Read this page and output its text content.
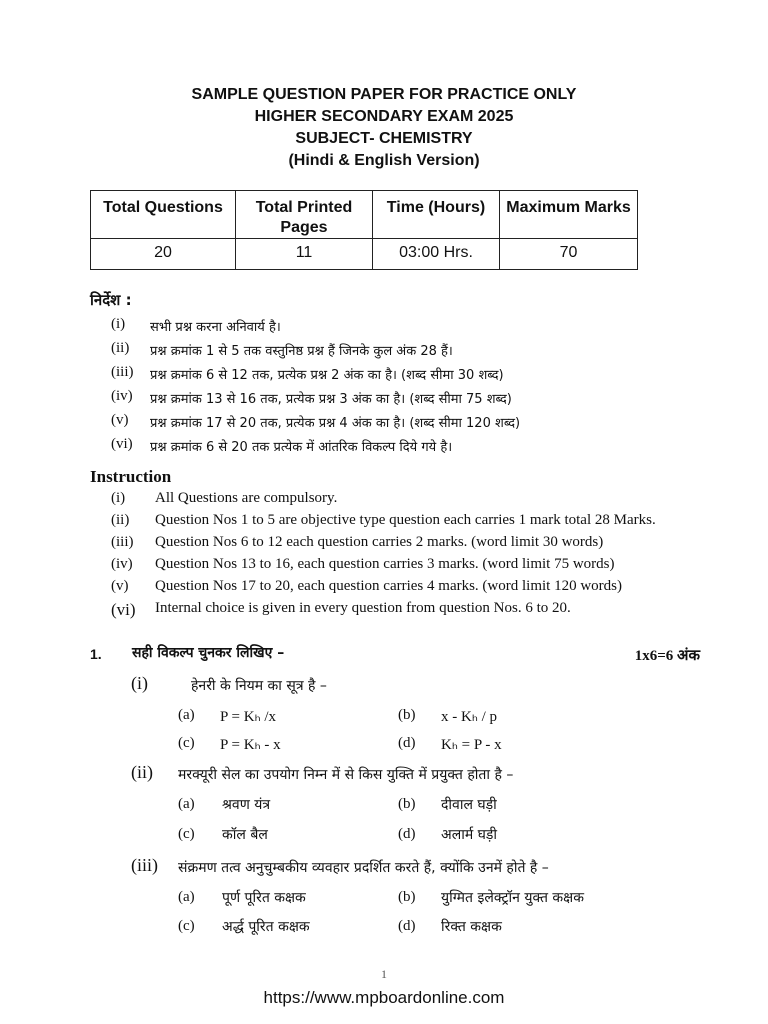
SAMPLE QUESTION PAPER FOR PRACTICE ONLY
HIGHER SECONDARY EXAM 2025
SUBJECT- CHEMISTRY
(Hindi & English Version)
Total Questions	Total Printed Pages	Time (Hours)	Maximum Marks
20	11	03:00 Hrs.	70
निर्देश :
(i) सभी प्रश्न करना अनिवार्य है।
(ii) प्रश्न क्रमांक 1 से 5 तक वस्तुनिष्ठ प्रश्न हैं जिनके कुल अंक 28 हैं।
(iii) प्रश्न क्रमांक 6 से 12 तक, प्रत्येक प्रश्न 2 अंक का है। (शब्द सीमा 30 शब्द)
(iv) प्रश्न क्रमांक 13 से 16 तक, प्रत्येक प्रश्न 3 अंक का है। (शब्द सीमा 75 शब्द)
(v) प्रश्न क्रमांक 17 से 20 तक, प्रत्येक प्रश्न 4 अंक का है। (शब्द सीमा 120 शब्द)
(vi) प्रश्न क्रमांक 6 से 20 तक प्रत्येक में आंतरिक विकल्प दिये गये है।
Instruction
(i) All Questions are compulsory.
(ii) Question Nos 1 to 5 are objective type question each carries 1 mark total 28 Marks.
(iii) Question Nos 6 to 12 each question carries 2 marks. (word limit 30 words)
(iv) Question Nos 13 to 16, each question carries 3 marks. (word limit 75 words)
(v) Question Nos 17 to 20, each question carries 4 marks. (word limit 120 words)
(vi) Internal choice is given in every question from question Nos. 6 to 20.
1. सही विकल्प चुनकर लिखिए –	1x6=6 अंक
(i)	हेनरी के नियम का सूत्र है –
(a) P = Kₕ /x	(b) x - Kₕ / p
(c) P = Kₕ - x	(d) Kₕ = P - x
(ii) मरक्यूरी सेल का उपयोग निम्न में से किस युक्ति में प्रयुक्त होता है –
(a) श्रवण यंत्र	(b) दीवाल घड़ी
(c) कॉल बैल	(d) अलार्म घड़ी
(iii) संक्रमण तत्व अनुचुम्बकीय व्यवहार प्रदर्शित करते हैं, क्योंकि उनमें होते है –
(a) पूर्ण पूरित कक्षक	(b) युग्मित इलेक्ट्रॉन युक्त कक्षक
(c) अर्द्ध पूरित कक्षक	(d) रिक्त कक्षक
1
https://www.mpboardonline.com
